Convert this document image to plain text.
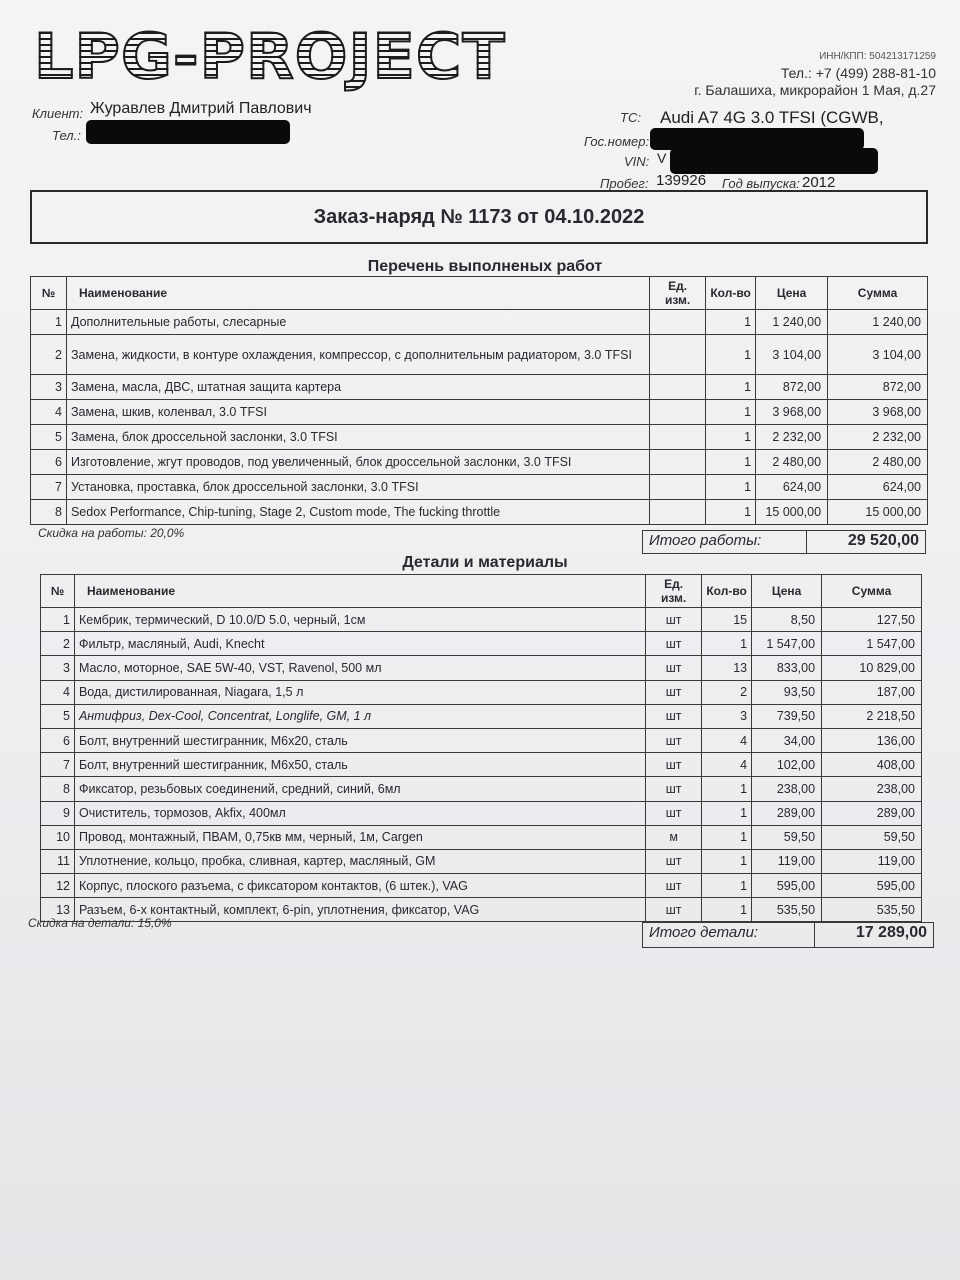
LPG-PROJECT	ИНН/КПП: 504213171259
Тел.: +7 (499) 288-81-10
г. Балашиха, микрорайон 1 Мая, д.27
Клиент: Журавлев Дмитрий Павлович
Тел.:
ТС: Audi A7 4G 3.0 TFSI (CGWB,
Гос.номер:
VIN: V
Пробег: 139926 Год выпуска: 2012
Заказ-наряд № 1173 от 04.10.2022
Перечень выполненых работ
№	Наименование	Ед. изм.	Кол-во	Цена	Сумма
1	Дополнительные работы, слесарные		1	1 240,00	1 240,00
2	Замена, жидкости, в контуре охлаждения, компрессор, с дополнительным радиатором, 3.0 TFSI		1	3 104,00	3 104,00
3	Замена, масла, ДВС, штатная защита картера		1	872,00	872,00
4	Замена, шкив, коленвал, 3.0 TFSI		1	3 968,00	3 968,00
5	Замена, блок дроссельной заслонки, 3.0 TFSI		1	2 232,00	2 232,00
6	Изготовление, жгут проводов, под увеличенный, блок дроссельной заслонки, 3.0 TFSI		1	2 480,00	2 480,00
7	Установка, проставка, блок дроссельной заслонки, 3.0 TFSI		1	624,00	624,00
8	Sedox Performance, Chip-tuning, Stage 2, Custom mode, The fucking throttle		1	15 000,00	15 000,00
Скидка на работы: 20,0%	Итого работы:	29 520,00
Детали и материалы
№	Наименование	Ед. изм.	Кол-во	Цена	Сумма
1	Кембрик, термический, D 10.0/D 5.0, черный, 1см	шт	15	8,50	127,50
2	Фильтр, масляный, Audi, Knecht	шт	1	1 547,00	1 547,00
3	Масло, моторное, SAE 5W-40, VST, Ravenol, 500 мл	шт	13	833,00	10 829,00
4	Вода, дистилированная, Niagara, 1,5 л	шт	2	93,50	187,00
5	Антифриз, Dex-Cool, Concentrat, Longlife, GM, 1 л	шт	3	739,50	2 218,50
6	Болт, внутренний шестигранник, M6x20, сталь	шт	4	34,00	136,00
7	Болт, внутренний шестигранник, M6x50, сталь	шт	4	102,00	408,00
8	Фиксатор, резьбовых соединений, средний, синий, 6мл	шт	1	238,00	238,00
9	Очиститель, тормозов, Akfix, 400мл	шт	1	289,00	289,00
10	Провод, монтажный, ПВАМ, 0,75кв мм, черный, 1м, Cargen	м	1	59,50	59,50
11	Уплотнение, кольцо, пробка, сливная, картер, масляный, GM	шт	1	119,00	119,00
12	Корпус, плоского разъема, с фиксатором контактов, (6 штек.), VAG	шт	1	595,00	595,00
13	Разъем, 6-х контактный, комплект, 6-pin, уплотнения, фиксатор, VAG	шт	1	535,50	535,50
Скидка на детали: 15,0%
Итого детали:	17 289,00
